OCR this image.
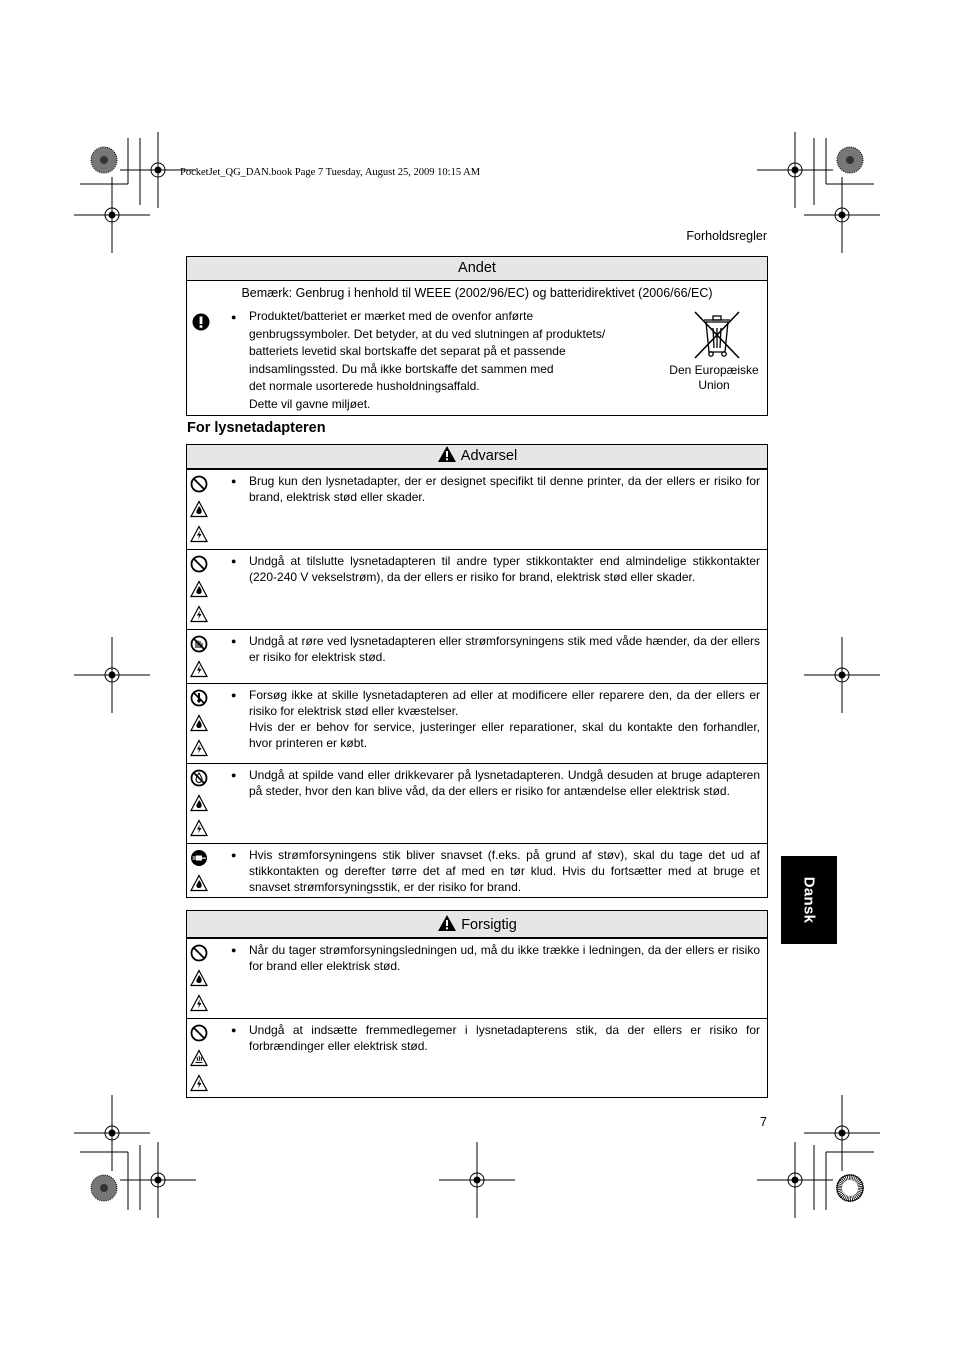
PocketJet_QG_DAN.book Page 7 Tuesday, August 25, 2009 10:15 AM
Forholdsregler
7
Dansk
Andet
Bemærk: Genbrug i henhold til WEEE (2002/96/EC) og batteridirektivet (2006/66/EC)
● Produktet/batteriet er mærket med de ovenfor anførte
genbrugssymboler. Det betyder, at du ved slutningen af produktets/
batteriets levetid skal bortskaffe det separat på et passende
indsamlingssted. Du må ikke bortskaffe det sammen med
det normale usorterede husholdningsaffald.
Dette vil gavne miljøet.
Den Europæiske
Union
For lysnetadapteren
Advarsel
● Brug kun den lysnetadapter, der er designet specifikt til denne printer, da der ellers er risiko for brand, elektrisk stød eller skader.
● Undgå at tilslutte lysnetadapteren til andre typer stikkontakter end almindelige stikkontakter (220-240 V vekselstrøm), da der ellers er risiko for brand, elektrisk stød eller skader.
● Undgå at røre ved lysnetadapteren eller strømforsyningens stik med våde hænder, da der ellers er risiko for elektrisk stød.
● Forsøg ikke at skille lysnetadapteren ad eller at modificere eller reparere den, da der ellers er risiko for elektrisk stød eller kvæstelser.
Hvis der er behov for service, justeringer eller reparationer, skal du kontakte den forhandler, hvor printeren er købt.
● Undgå at spilde vand eller drikkevarer på lysnetadapteren. Undgå desuden at bruge adapteren på steder, hvor den kan blive våd, da der ellers er risiko for antændelse eller elektrisk stød.
● Hvis strømforsyningens stik bliver snavset (f.eks. på grund af støv), skal du tage det ud af stikkontakten og derefter tørre det af med en tør klud. Hvis du fortsætter med at bruge et snavset strømforsyningsstik, er der risiko for brand.
Forsigtig
● Når du tager strømforsyningsledningen ud, må du ikke trække i ledningen, da der ellers er risiko for brand eller elektrisk stød.
● Undgå at indsætte fremmedlegemer i lysnetadapterens stik, da der ellers er risiko for forbrændinger eller elektrisk stød.
